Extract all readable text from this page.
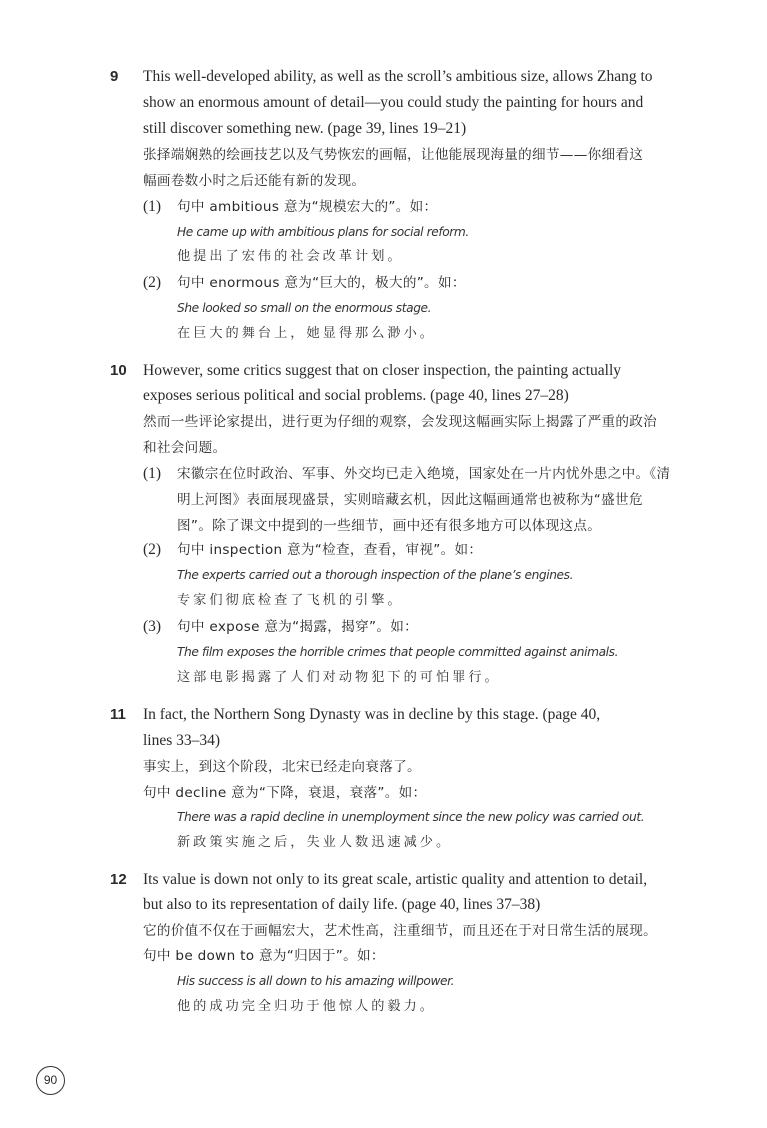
9 This well-developed ability, as well as the scroll’s ambitious size, allows Zhang to
show an enormous amount of detail—you could study the painting for hours and
still discover something new. (page 39, lines 19–21)
张择端娴熟的绘画技艺以及气势恢宏的画幅，让他能展现海量的细节——你细看这
幅画卷数小时之后还能有新的发现。
(1) 句中 ambitious 意为“规模宏大的”。如：
He came up with ambitious plans for social reform.
他提出了宏伟的社会改革计划。
(2) 句中 enormous 意为“巨大的，极大的”。如：
She looked so small on the enormous stage.
在巨大的舞台上，她显得那么渺小。
10 However, some critics suggest that on closer inspection, the painting actually
exposes serious political and social problems. (page 40, lines 27–28)
然而一些评论家提出，进行更为仔细的观察，会发现这幅画实际上揭露了严重的政治
和社会问题。
(1) 宋徽宗在位时政治、军事、外交均已走入绝境，国家处在一片内忧外患之中。《清
明上河图》表面展现盛景，实则暗藏玄机，因此这幅画通常也被称为“盛世危
图”。除了课文中提到的一些细节，画中还有很多地方可以体现这点。
(2) 句中 inspection 意为“检查，查看，审视”。如：
The experts carried out a thorough inspection of the plane’s engines.
专家们彻底检查了飞机的引擎。
(3) 句中 expose 意为“揭露，揭穿”。如：
The film exposes the horrible crimes that people committed against animals.
这部电影揭露了人们对动物犯下的可怕罪行。
11 In fact, the Northern Song Dynasty was in decline by this stage. (page 40,
lines 33–34)
事实上，到这个阶段，北宋已经走向衰落了。
句中 decline 意为“下降，衰退，衰落”。如：
There was a rapid decline in unemployment since the new policy was carried out.
新政策实施之后，失业人数迅速减少。
12 Its value is down not only to its great scale, artistic quality and attention to detail,
but also to its representation of daily life. (page 40, lines 37–38)
它的价值不仅在于画幅宏大，艺术性高，注重细节，而且还在于对日常生活的展现。
句中 be down to 意为“归因于”。如：
His success is all down to his amazing willpower.
他的成功完全归功于他惊人的毅力。
90
